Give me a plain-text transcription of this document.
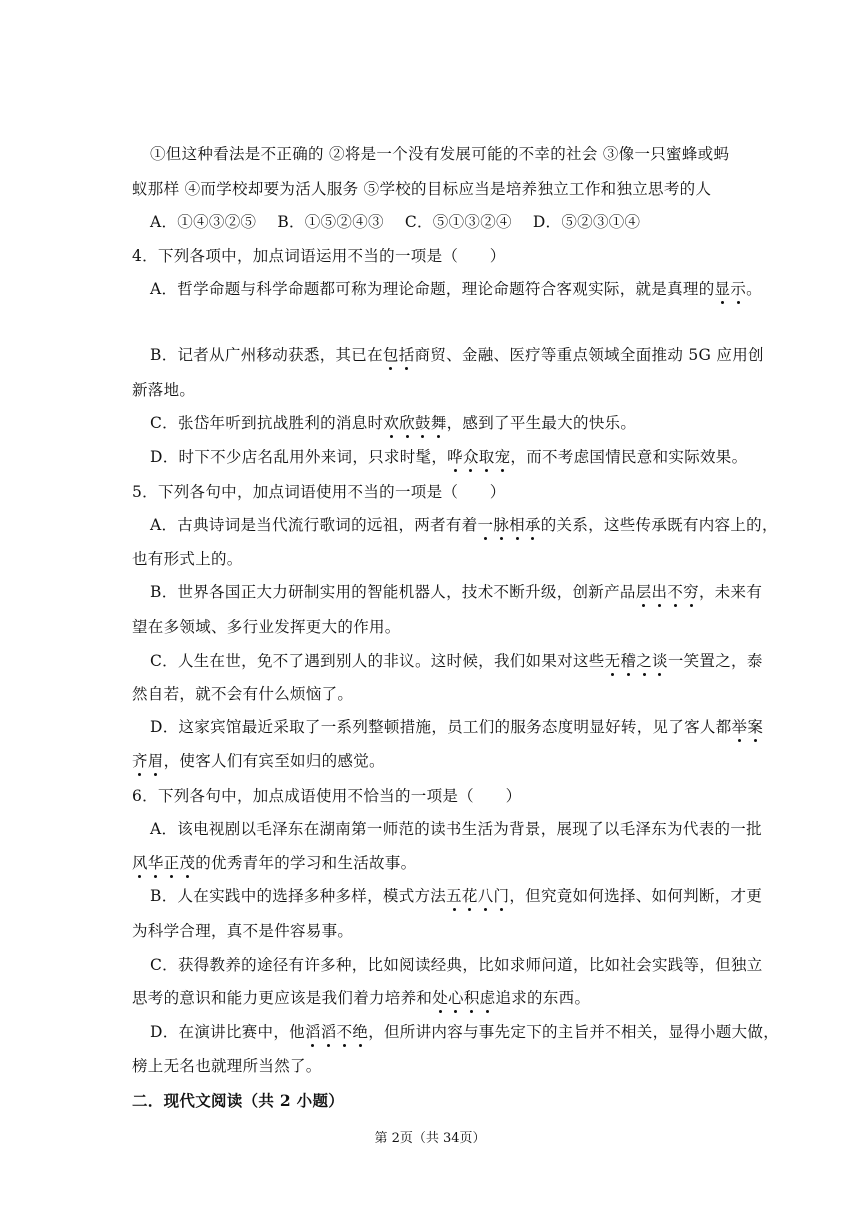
①但这种看法是不正确的 ②将是一个没有发展可能的不幸的社会 ③像一只蜜蜂或蚂
蚁那样 ④而学校却要为活人服务 ⑤学校的目标应当是培养独立工作和独立思考的人
A．①④③②⑤　 B．①⑤②④③　 C．⑤①③②④　 D．⑤②③①④
4．下列各项中，加点词语运用不当的一项是（　　）
A．哲学命题与科学命题都可称为理论命题，理论命题符合客观实际，就是真理的显示。
B．记者从广州移动获悉，其已在包括商贸、金融、医疗等重点领域全面推动 5G 应用创
新落地。
C．张岱年听到抗战胜利的消息时欢欣鼓舞，感到了平生最大的快乐。
D．时下不少店名乱用外来词，只求时髦，哗众取宠，而不考虑国情民意和实际效果。
5．下列各句中，加点词语使用不当的一项是（　　）
A．古典诗词是当代流行歌词的远祖，两者有着一脉相承的关系，这些传承既有内容上的，
也有形式上的。
B．世界各国正大力研制实用的智能机器人，技术不断升级，创新产品层出不穷，未来有
望在多领域、多行业发挥更大的作用。
C．人生在世，免不了遇到别人的非议。这时候，我们如果对这些无稽之谈一笑置之，泰
然自若，就不会有什么烦恼了。
D．这家宾馆最近采取了一系列整顿措施，员工们的服务态度明显好转，见了客人都举案
齐眉，使客人们有宾至如归的感觉。
6．下列各句中，加点成语使用不恰当的一项是（　　）
A．该电视剧以毛泽东在湖南第一师范的读书生活为背景，展现了以毛泽东为代表的一批
风华正茂的优秀青年的学习和生活故事。
B．人在实践中的选择多种多样，模式方法五花八门，但究竟如何选择、如何判断，才更
为科学合理，真不是件容易事。
C．获得教养的途径有许多种，比如阅读经典，比如求师问道，比如社会实践等，但独立
思考的意识和能力更应该是我们着力培养和处心积虑追求的东西。
D．在演讲比赛中，他滔滔不绝，但所讲内容与事先定下的主旨并不相关，显得小题大做，
榜上无名也就理所当然了。
二．现代文阅读（共 2 小题）
第 2页（共 34页）
